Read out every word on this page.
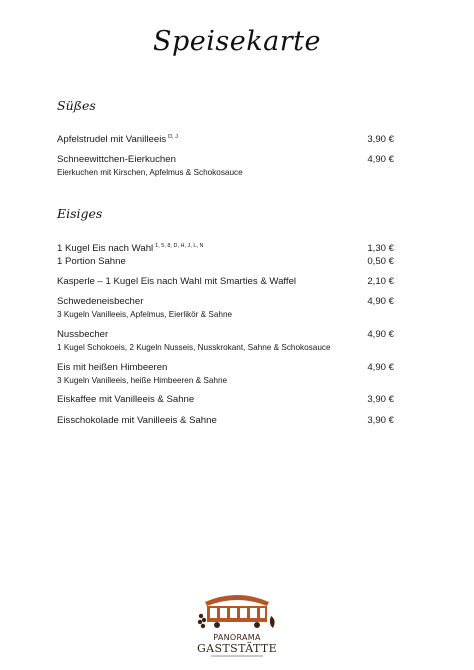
Speisekarte
Süßes
Apfelstrudel mit Vanilleeis $^{D, J}$	3,90 €
Schneewittchen-Eierkuchen	4,90 €
Eierkuchen mit Kirschen, Apfelmus & Schokosauce
Eisiges
1 Kugel Eis nach Wahl $^{1, 5, 8, D, H, J, L, N}$	1,30 €
1 Portion Sahne	0,50 €
Kasperle – 1 Kugel Eis nach Wahl mit Smarties & Waffel	2,10 €
Schwedeneisbecher	4,90 €
3 Kugeln Vanilleeis, Apfelmus, Eierlikör & Sahne
Nussbecher	4,90 €
1 Kugel Schokoeis, 2 Kugeln Nusseis, Nusskrokant, Sahne & Schokosauce
Eis mit heißen Himbeeren	4,90 €
3 Kugeln Vanilleeis, heiße Himbeeren & Sahne
Eiskaffee mit Vanilleeis & Sahne	3,90 €
Eisschokolade mit Vanilleeis & Sahne	3,90 €
PANORAMA
GASTSTÄTTE
